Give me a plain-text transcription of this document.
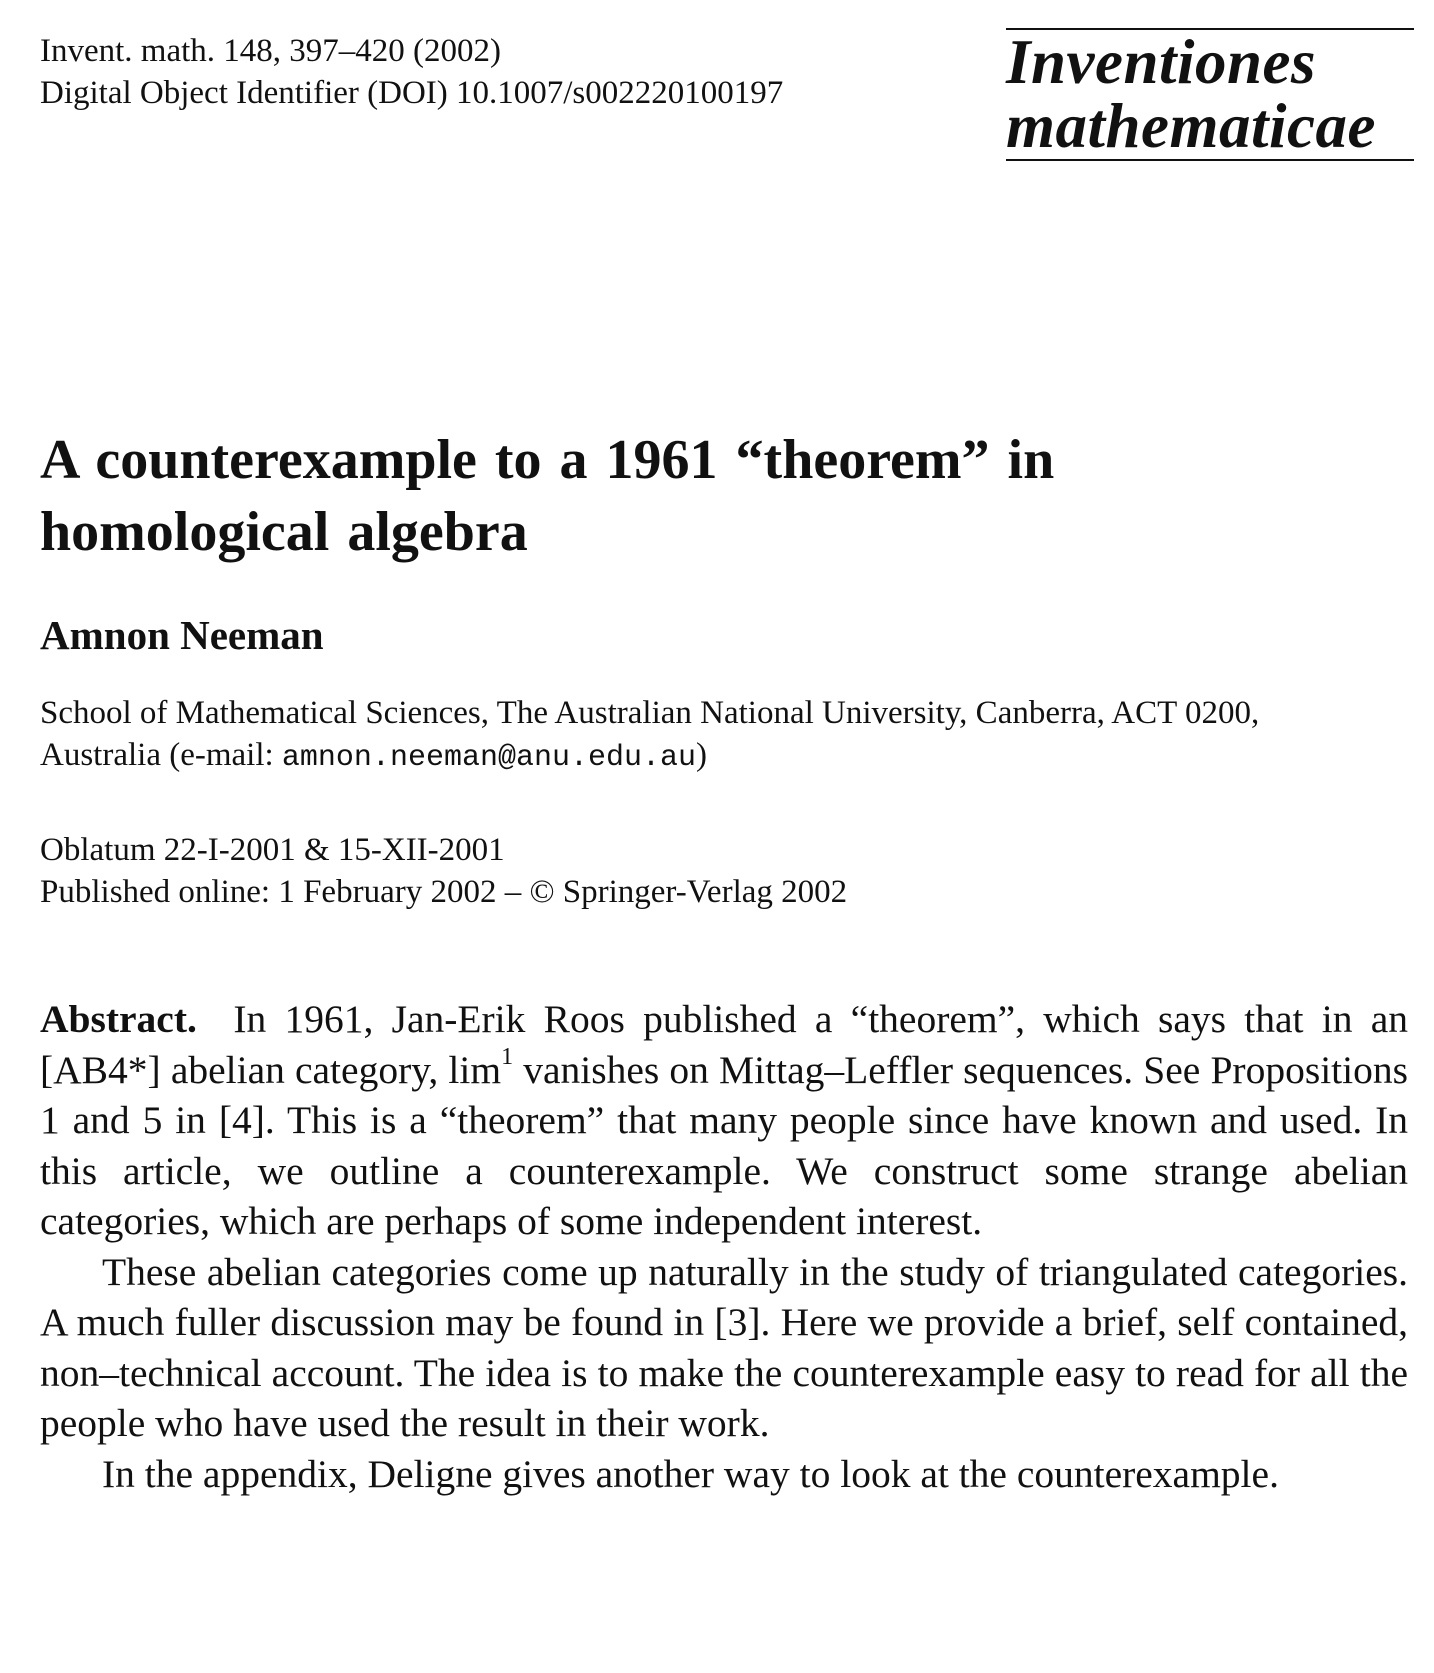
Invent. math. 148, 397–420 (2002)
Digital Object Identifier (DOI) 10.1007/s002220100197	Inventiones
mathematicae
A counterexample to a 1961 “theorem” in homological algebra
Amnon Neeman
School of Mathematical Sciences, The Australian National University, Canberra, ACT 0200,
Australia (e-mail: amnon.neeman@anu.edu.au)
Oblatum 22-I-2001 & 15-XII-2001
Published online: 1 February 2002 – © Springer-Verlag 2002

Abstract. In 1961, Jan-Erik Roos published a “theorem”, which says that in an [AB4*] abelian category, $\lim^1$ vanishes on Mittag–Leffler sequences. See Propositions 1 and 5 in [4]. This is a “theorem” that many people since have known and used. In this article, we outline a counterexample. We construct some strange abelian categories, which are perhaps of some independent interest.

These abelian categories come up naturally in the study of triangulated categories. A much fuller discussion may be found in [3]. Here we provide a brief, self contained, non–technical account. The idea is to make the counterexample easy to read for all the people who have used the result in their work.

In the appendix, Deligne gives another way to look at the counterexample.
